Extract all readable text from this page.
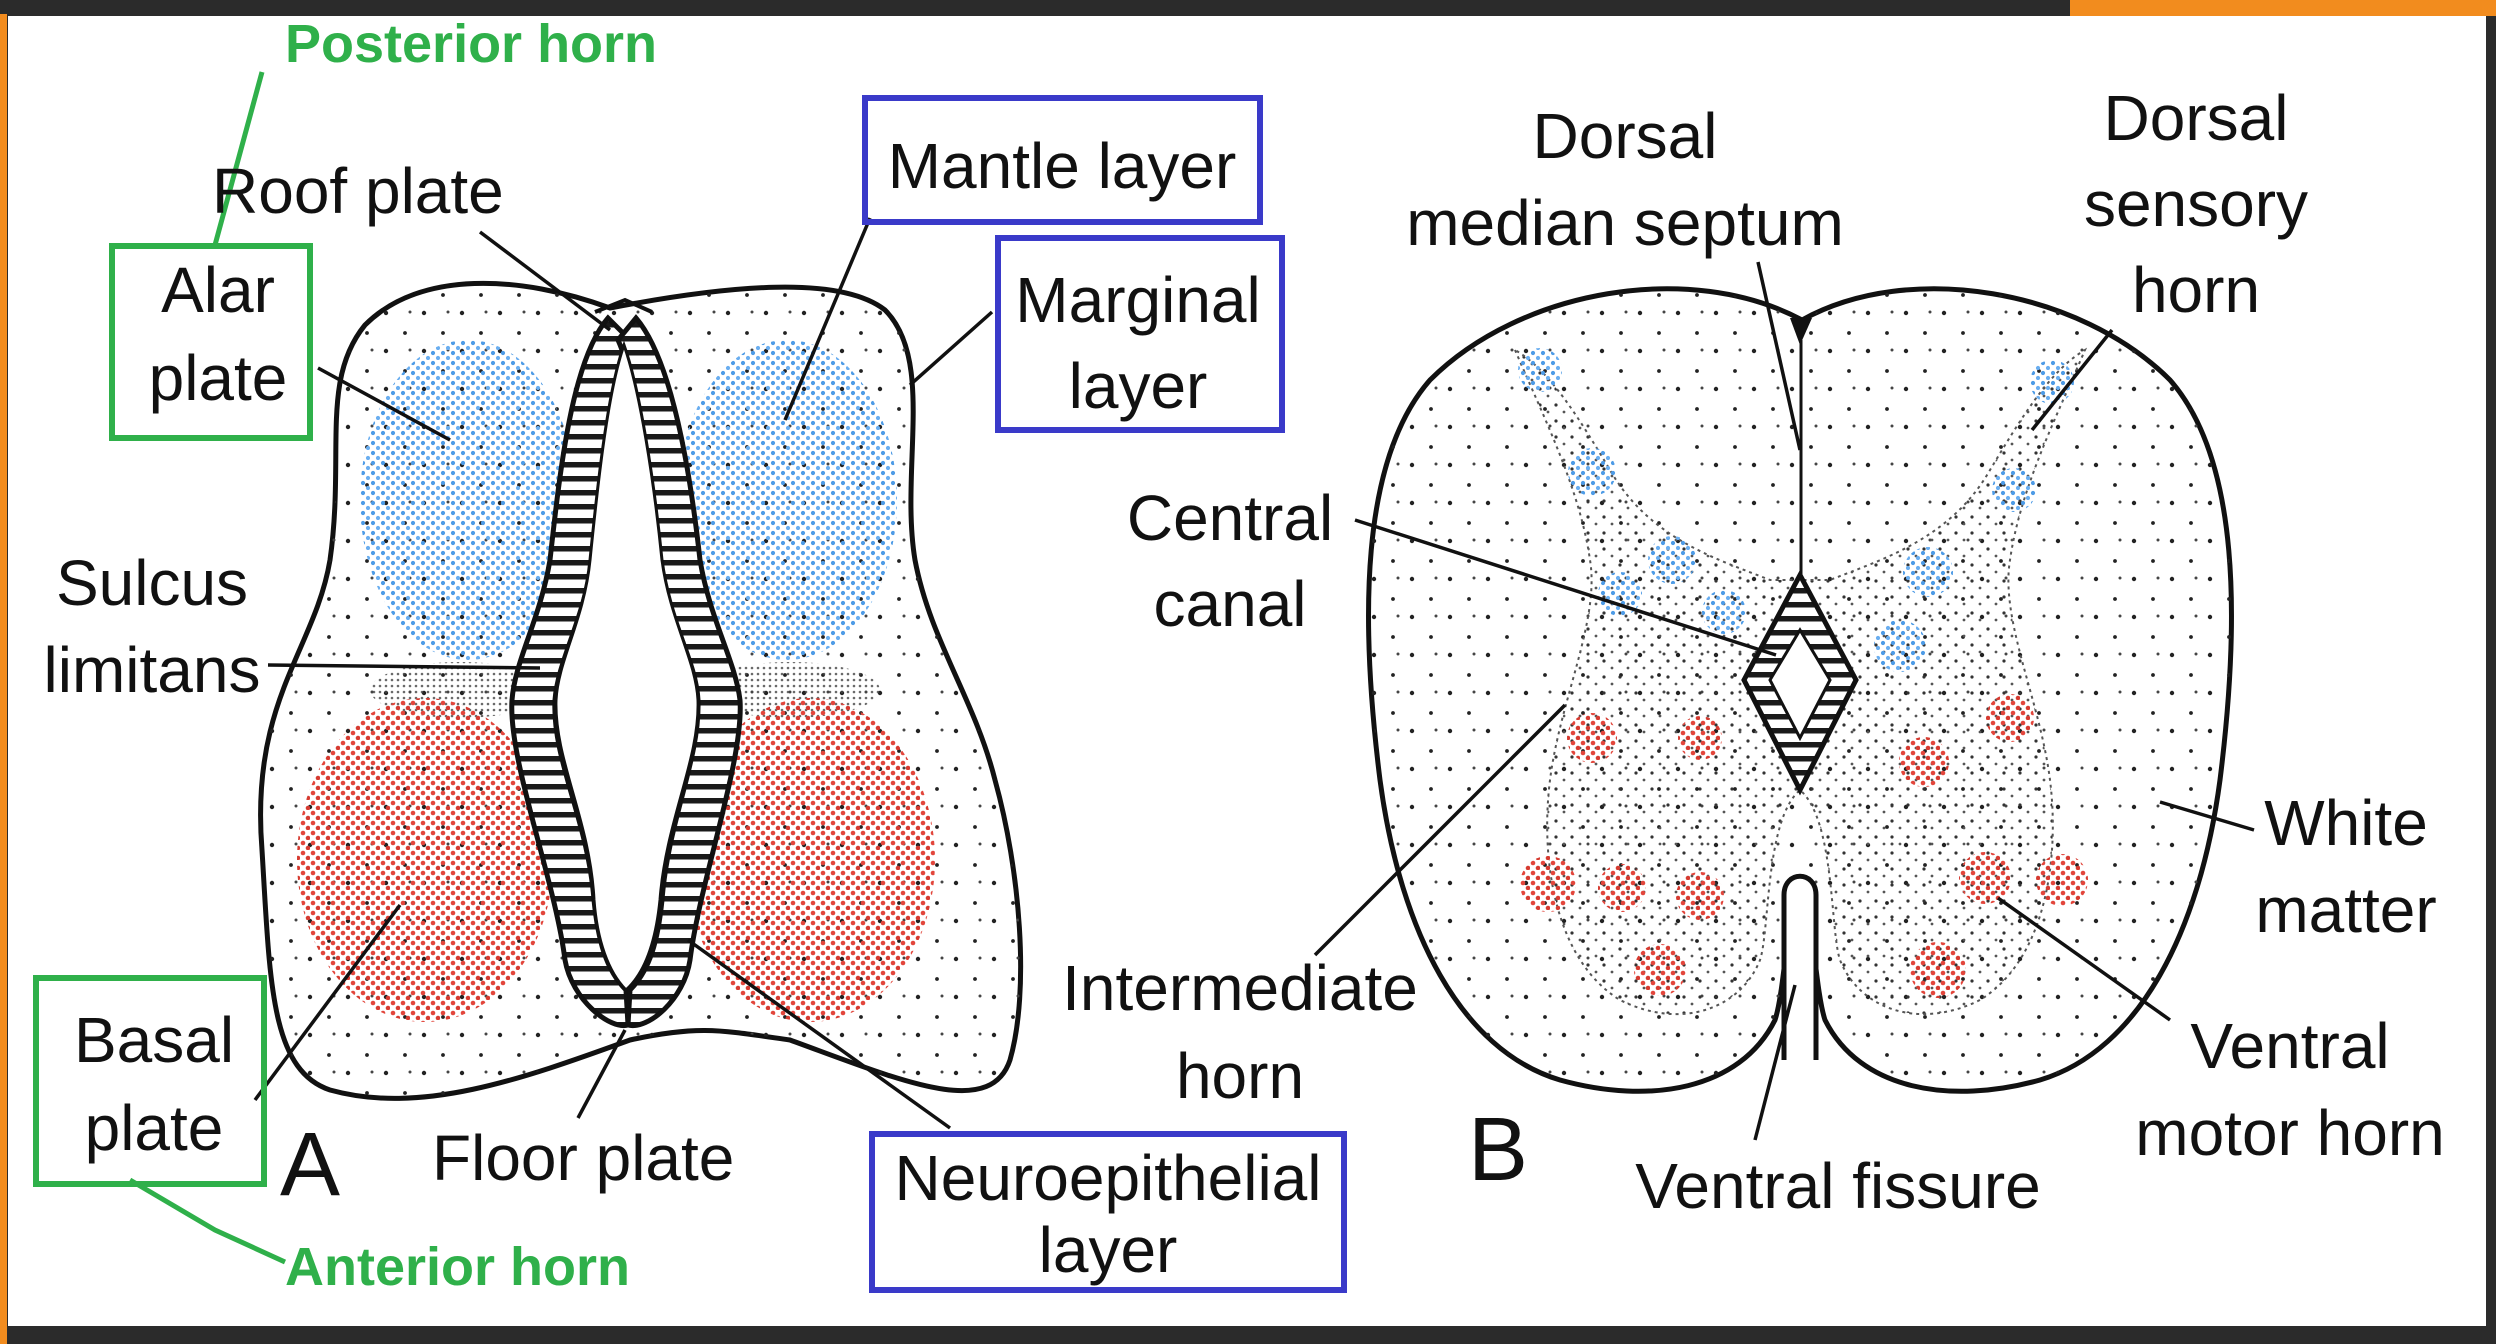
Posterior horn
Anterior horn
Roof plate
Alar
plate
Sulcus
limitans
Basal
plate A Floor plate
Mantle layer
Marginal
layer
Neuroepithelial
layer
Dorsal
median septum
Dorsal
sensory
horn
Central
canal
White
matter
Intermediate
horn	Ventral
motor horn
B Ventral fissure
